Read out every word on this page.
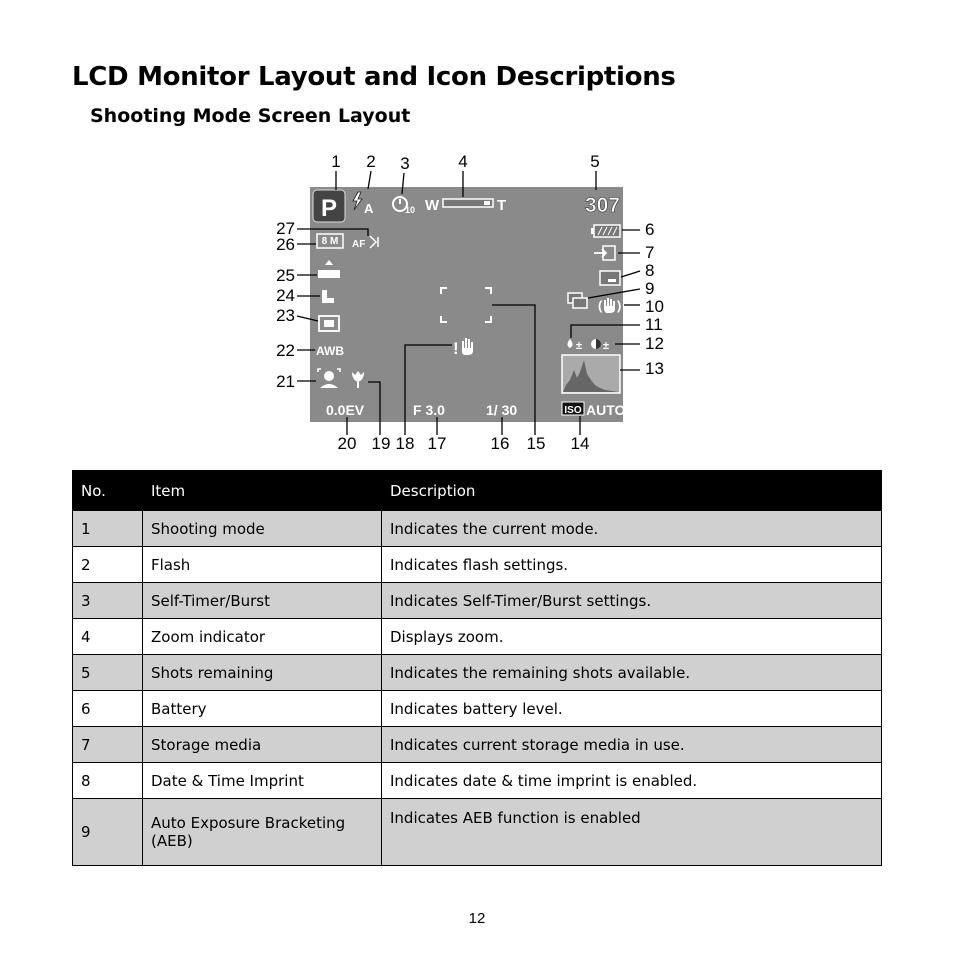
LCD Monitor Layout and Icon Descriptions
Shooting Mode Screen Layout
P A	10 W	T	307
( )
± ±
ISO AUTO
1/ 30
F 3.0
!
0.0EV
AWB
8 M AF
1 2 3	4	5
6
7
8
9
10
11
12
13
14
15
16
17
18
19
20
21
22
23
24
25
26
27
No.	Item	Description
1	Shooting mode	Indicates the current mode.
2	Flash	Indicates flash settings.
3	Self-Timer/Burst	Indicates Self-Timer/Burst settings.
4	Zoom indicator	Displays zoom.
5	Shots remaining	Indicates the remaining shots available.
6	Battery	Indicates battery level.
7	Storage media	Indicates current storage media in use.
8	Date & Time Imprint	Indicates date & time imprint is enabled.
9	Auto Exposure Bracketing (AEB)	Indicates AEB function is enabled
12
